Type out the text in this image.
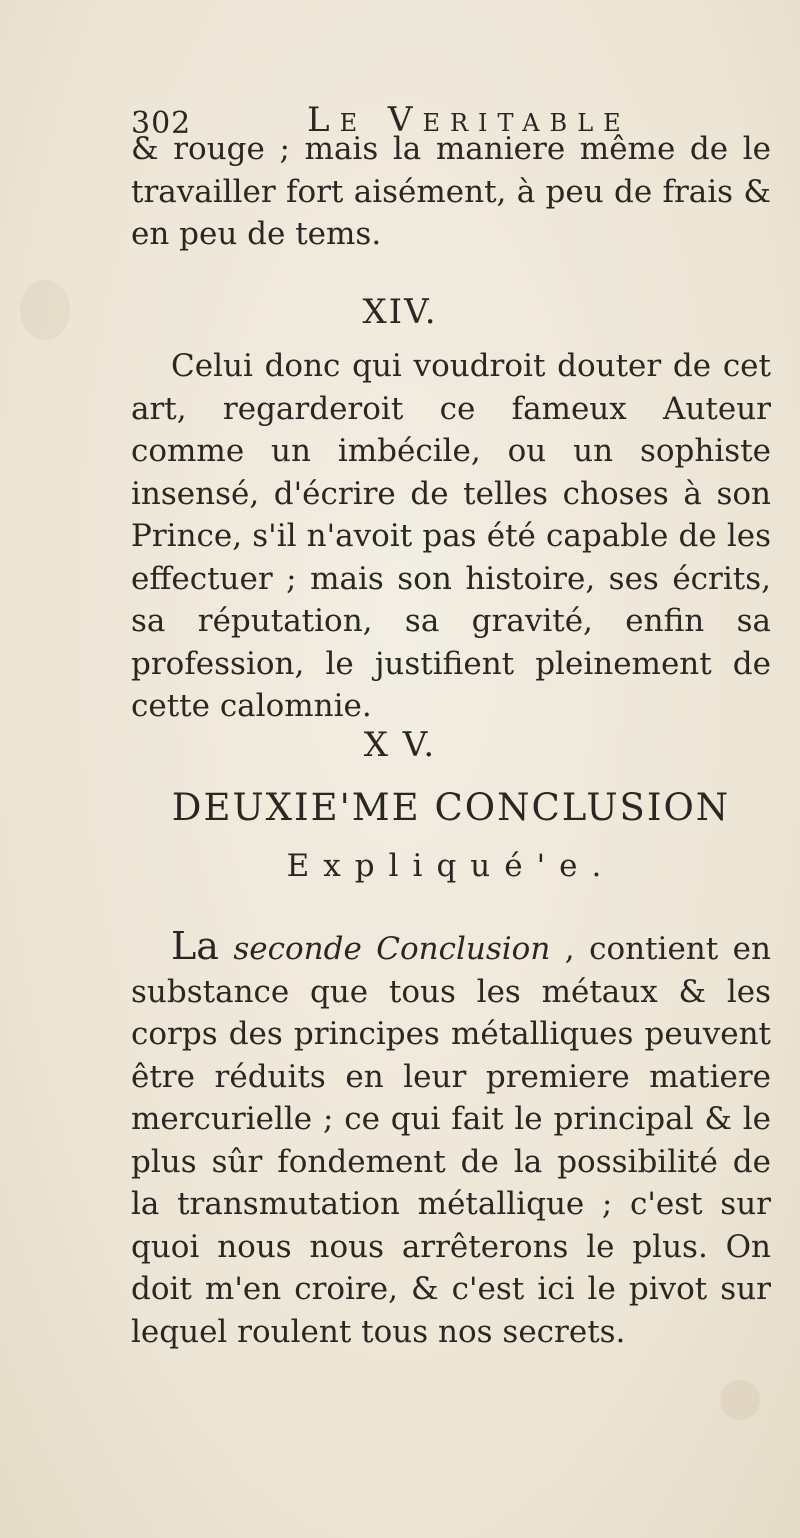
302	Le Veritable

& rouge ; mais la maniere même de le travailler fort aisément, à peu de frais & en peu de tems.

XIV.

Celui donc qui voudroit douter de cet art, regarderoit ce fameux Auteur comme un imbécile, ou un sophiste insensé, d'écrire de telles choses à son Prince, s'il n'avoit pas été capable de les effectuer ; mais son histoire, ses écrits, sa réputation, sa gravité, enfin sa profession, le justifient pleinement de cette calomnie.

X V.
DEUXIE'ME CONCLUSION
Expliqué'e.

La seconde Conclusion , contient en substance que tous les métaux & les corps des principes métalliques peuvent être réduits en leur premiere matiere mercurielle ; ce qui fait le principal & le plus sûr fondement de la possibilité de la transmutation métallique ; c'est sur quoi nous nous arrêterons le plus. On doit m'en croire, & c'est ici le pivot sur lequel roulent tous nos secrets.
